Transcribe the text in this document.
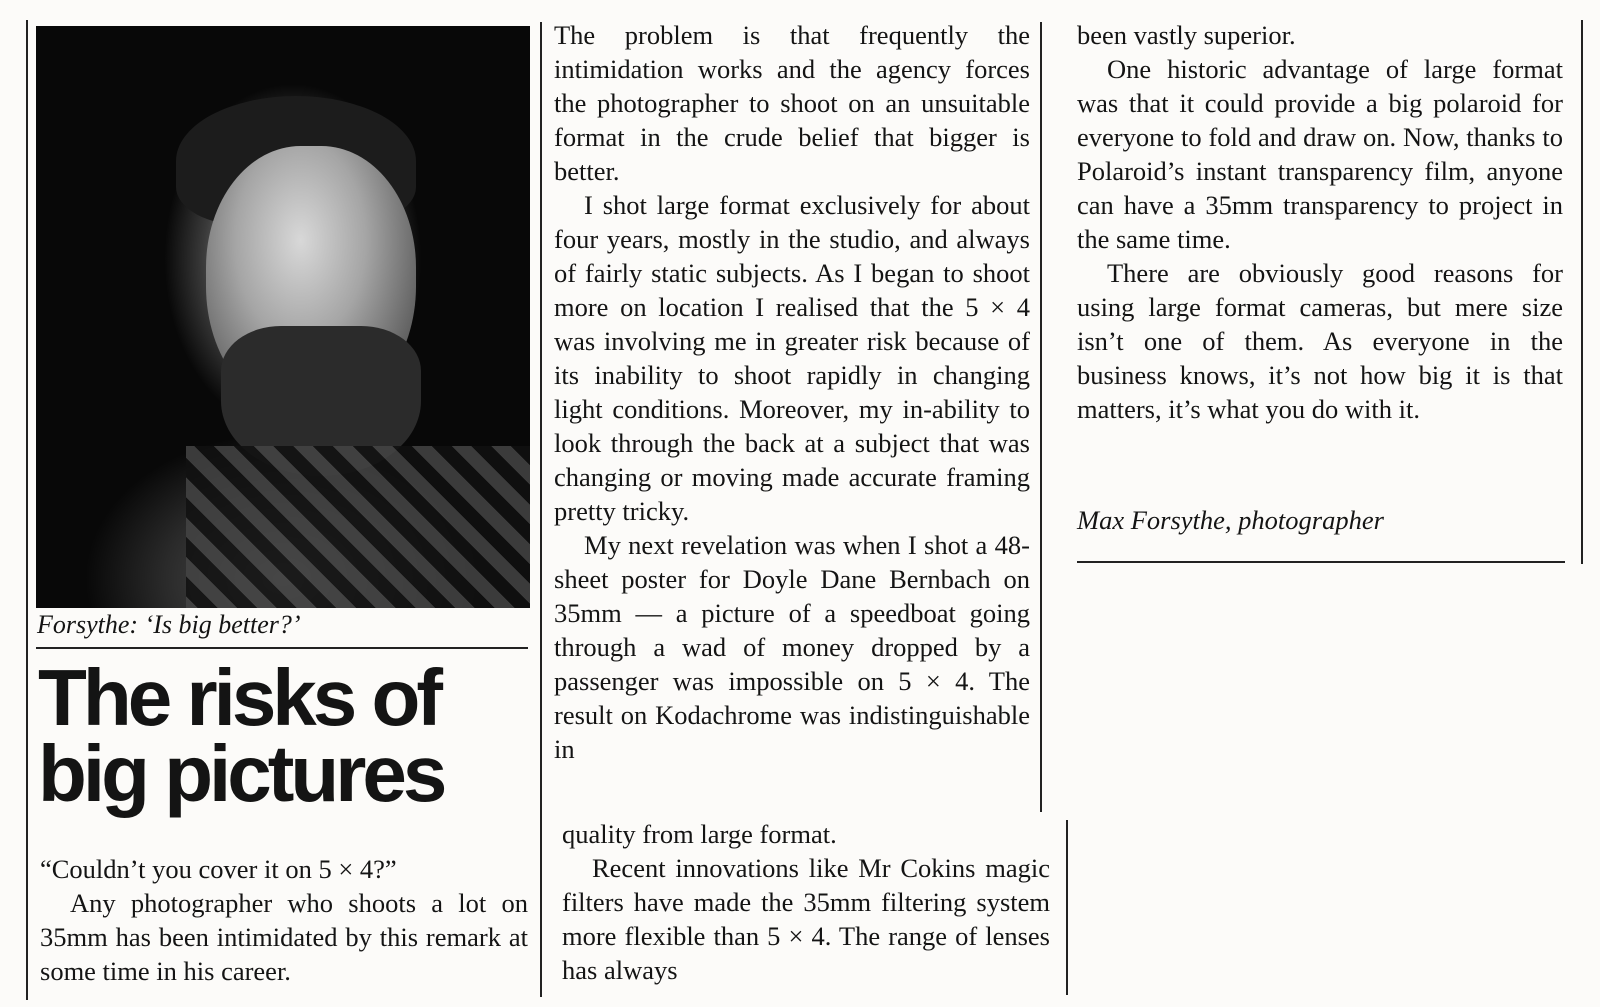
Forsythe: ‘Is big better?’
The risks of
big pictures

“Couldn’t you cover it on 5 × 4?”

Any photographer who shoots a lot on 35mm has been intimidated by this remark at some time in his career.

The problem is that frequently the intimidation works and the agency forces the photographer to shoot on an unsuitable format in the crude belief that bigger is better.

I shot large format exclusively for about four years, mostly in the studio, and always of fairly static subjects. As I began to shoot more on location I realised that the 5 × 4 was involving me in greater risk because of its inability to shoot rapidly in changing light conditions. Moreover, my in-ability to look through the back at a subject that was changing or moving made accurate framing pretty tricky.

My next revelation was when I shot a 48-sheet poster for Doyle Dane Bernbach on 35mm — a picture of a speedboat going through a wad of money dropped by a passenger was impossible on 5 × 4. The result on Kodachrome was indistinguishable in

quality from large format.

Recent innovations like Mr Cokins magic filters have made the 35mm filtering system more flexible than 5 × 4. The range of lenses has always

been vastly superior.

One historic advantage of large format was that it could provide a big polaroid for everyone to fold and draw on. Now, thanks to Polaroid’s instant transparency film, anyone can have a 35mm transparency to project in the same time.

There are obviously good reasons for using large format cameras, but mere size isn’t one of them. As everyone in the business knows, it’s not how big it is that matters, it’s what you do with it.

Max Forsythe, photographer
